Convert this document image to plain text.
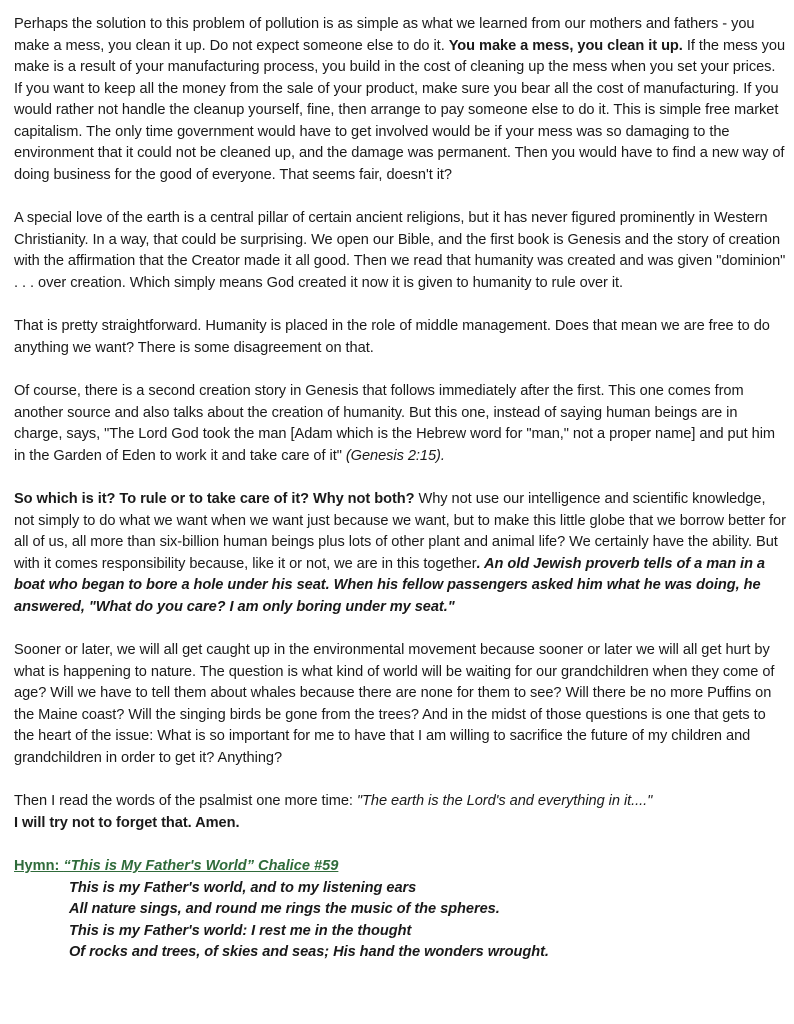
Perhaps the solution to this problem of pollution is as simple as what we learned from our mothers and fathers - you make a mess, you clean it up. Do not expect someone else to do it. You make a mess, you clean it up. If the mess you make is a result of your manufacturing process, you build in the cost of cleaning up the mess when you set your prices. If you want to keep all the money from the sale of your product, make sure you bear all the cost of manufacturing. If you would rather not handle the cleanup yourself, fine, then arrange to pay someone else to do it. This is simple free market capitalism. The only time government would have to get involved would be if your mess was so damaging to the environment that it could not be cleaned up, and the damage was permanent. Then you would have to find a new way of doing business for the good of everyone. That seems fair, doesn't it?

A special love of the earth is a central pillar of certain ancient religions, but it has never figured prominently in Western Christianity. In a way, that could be surprising. We open our Bible, and the first book is Genesis and the story of creation with the affirmation that the Creator made it all good. Then we read that humanity was created and was given "dominion" . . . over creation. Which simply means God created it now it is given to humanity to rule over it.

That is pretty straightforward. Humanity is placed in the role of middle management. Does that mean we are free to do anything we want? There is some disagreement on that.

Of course, there is a second creation story in Genesis that follows immediately after the first. This one comes from another source and also talks about the creation of humanity. But this one, instead of saying human beings are in charge, says, "The Lord God took the man [Adam which is the Hebrew word for "man," not a proper name] and put him in the Garden of Eden to work it and take care of it" (Genesis 2:15).

So which is it? To rule or to take care of it? Why not both? Why not use our intelligence and scientific knowledge, not simply to do what we want when we want just because we want, but to make this little globe that we borrow better for all of us, all more than six-billion human beings plus lots of other plant and animal life? We certainly have the ability. But with it comes responsibility because, like it or not, we are in this together. An old Jewish proverb tells of a man in a boat who began to bore a hole under his seat. When his fellow passengers asked him what he was doing, he answered, "What do you care? I am only boring under my seat."

Sooner or later, we will all get caught up in the environmental movement because sooner or later we will all get hurt by what is happening to nature. The question is what kind of world will be waiting for our grandchildren when they come of age? Will we have to tell them about whales because there are none for them to see? Will there be no more Puffins on the Maine coast? Will the singing birds be gone from the trees? And in the midst of those questions is one that gets to the heart of the issue: What is so important for me to have that I am willing to sacrifice the future of my children and grandchildren in order to get it? Anything?

Then I read the words of the psalmist one more time: "The earth is the Lord's and everything in it...."
I will try not to forget that. Amen.

Hymn: “This is My Father's World” Chalice #59

This is my Father's world, and to my listening ears

All nature sings, and round me rings the music of the spheres.

This is my Father's world: I rest me in the thought

Of rocks and trees, of skies and seas; His hand the wonders wrought.
